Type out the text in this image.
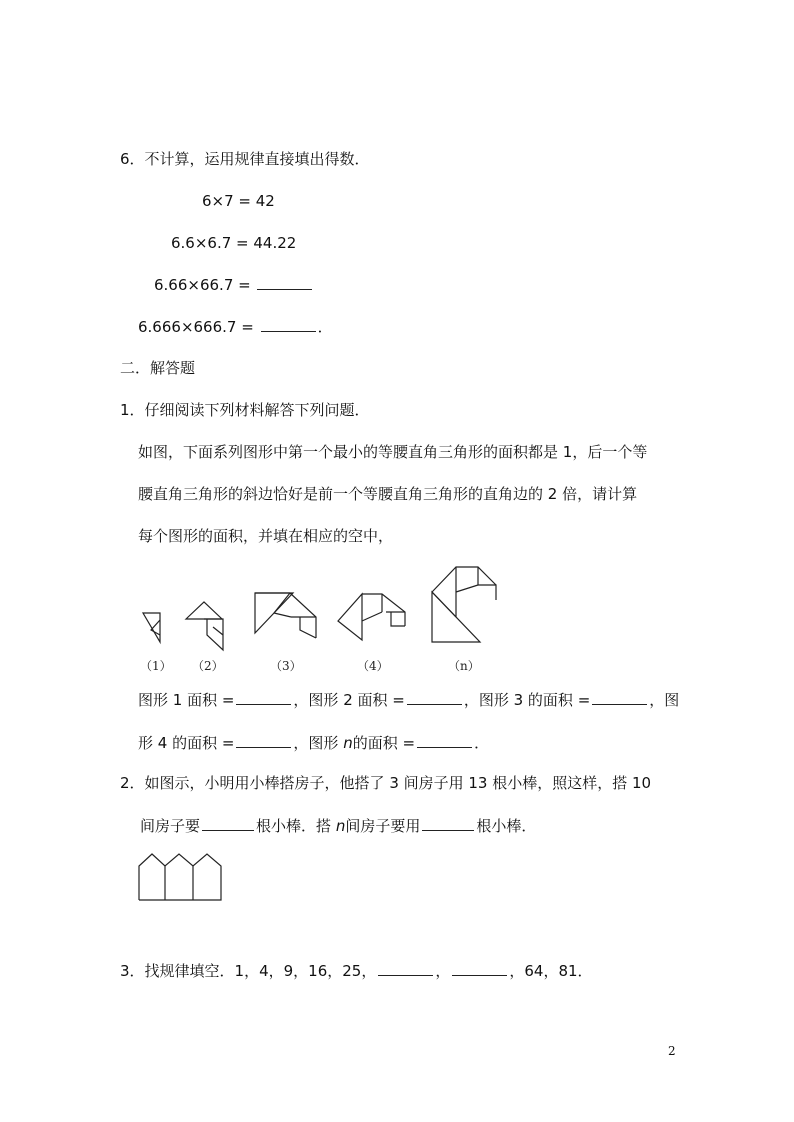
6．不计算，运用规律直接填出得数．
6×7 = 42
6.6×6.7 = 44.22
6.66×66.7 =
6.666×666.7 =	．
二．解答题
1．仔细阅读下列材料解答下列问题．
如图，下面系列图形中第一个最小的等腰直角三角形的面积都是 1，后一个等
腰直角三角形的斜边恰好是前一个等腰直角三角形的直角边的 2 倍，请计算
每个图形的面积，并填在相应的空中，
（1） （2）	（3）	（4）	（n）
图形 1 面积 =	，图形 2 面积 =	，图形 3 的面积 =	，图
形 4 的面积 =	，图形 n的面积 =	．
2．如图示，小明用小棒搭房子，他搭了 3 间房子用 13 根小棒，照这样，搭 10
间房子要	根小棒．搭 n间房子要用	根小棒．
3．找规律填空．1，4，9，16，25，	，	，64，81．
2
